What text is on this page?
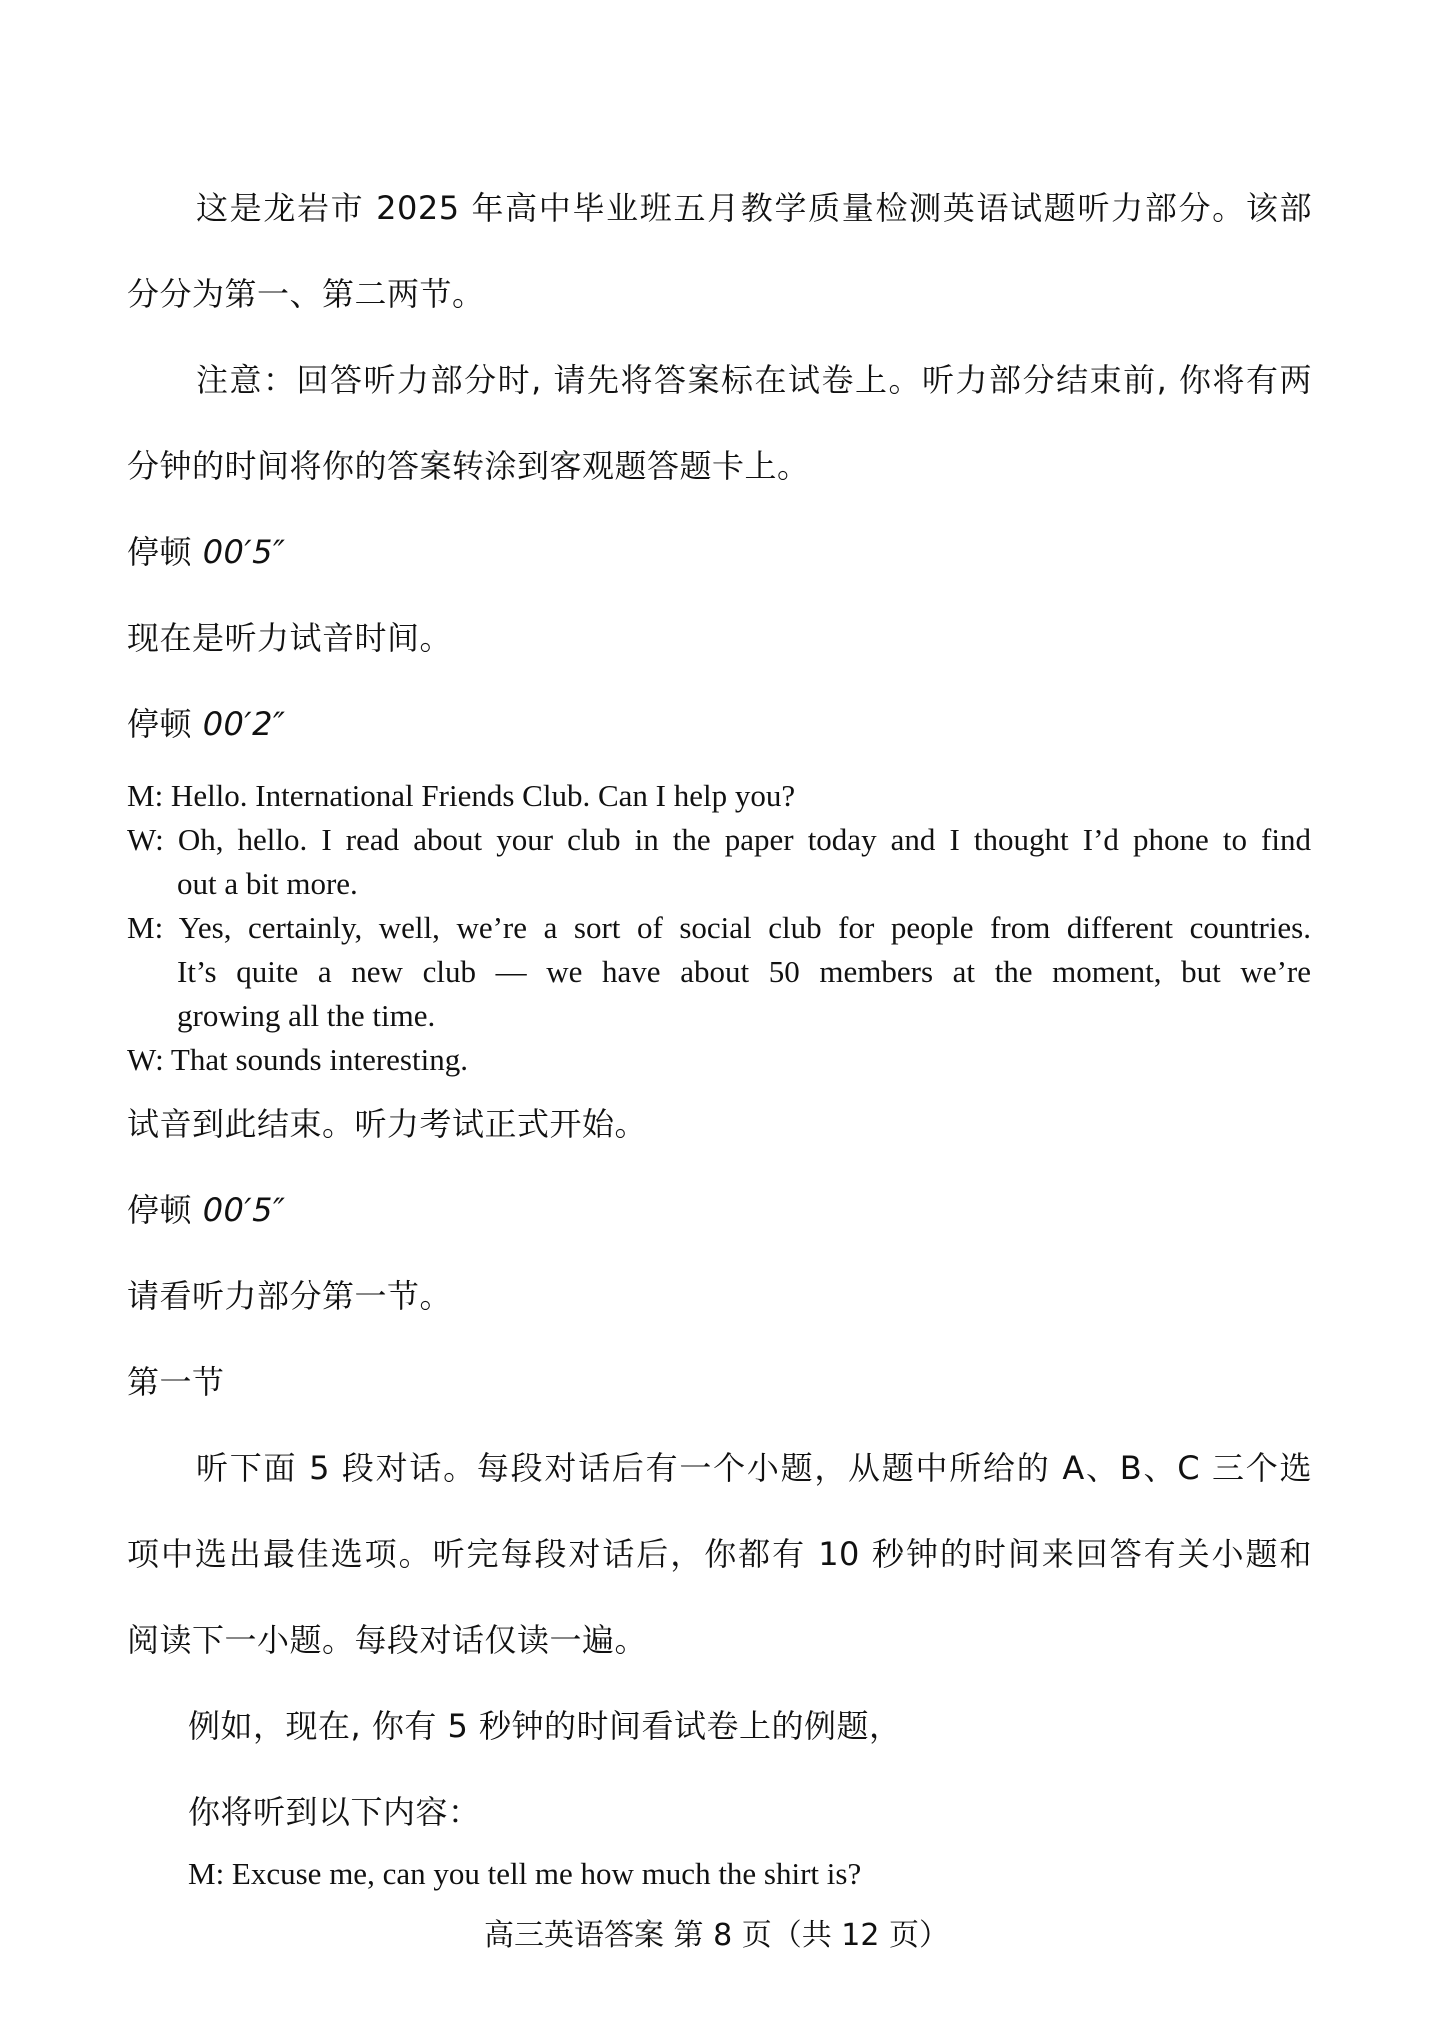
这是龙岩市 2025 年高中毕业班五月教学质量检测英语试题听力部分。该部
分分为第一、第二两节。
注意：回答听力部分时, 请先将答案标在试卷上。听力部分结束前, 你将有两
分钟的时间将你的答案转涂到客观题答题卡上。
停顿 00′5″
现在是听力试音时间。
停顿 00′2″
M: Hello. International Friends Club. Can I help you?
W: Oh, hello. I read about your club in the paper today and I thought I’d phone to find
out a bit more.
M: Yes, certainly, well, we’re a sort of social club for people from different countries.
It’s quite a new club — we have about 50 members at the moment, but we’re
growing all the time.
W: That sounds interesting.
试音到此结束。听力考试正式开始。
停顿 00′5″
请看听力部分第一节。
第一节
听下面 5 段对话。每段对话后有一个小题，从题中所给的 A、B、C 三个选
项中选出最佳选项。听完每段对话后，你都有 10 秒钟的时间来回答有关小题和
阅读下一小题。每段对话仅读一遍。
例如，现在, 你有 5 秒钟的时间看试卷上的例题，
你将听到以下内容：
M: Excuse me, can you tell me how much the shirt is?
高三英语答案 第 8 页（共 12 页）
